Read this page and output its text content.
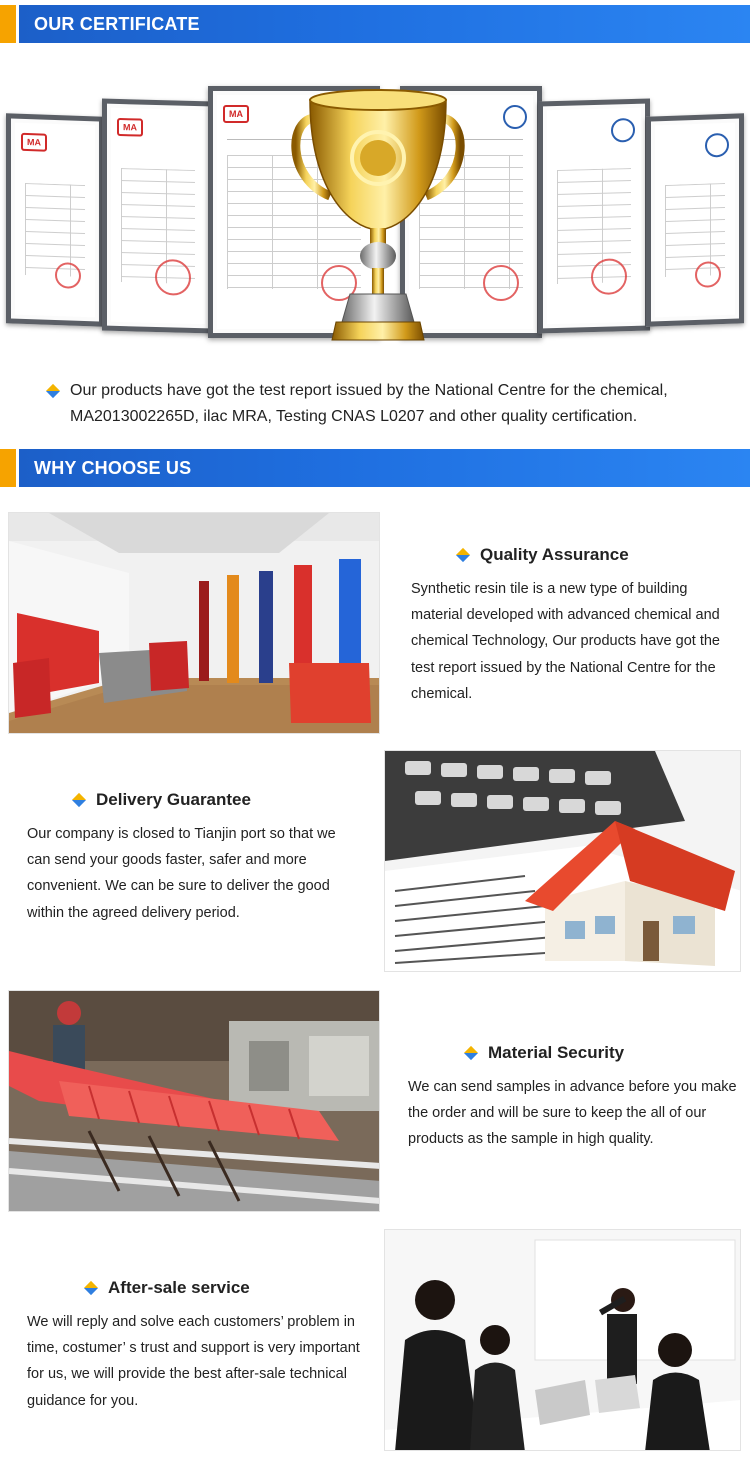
OUR CERTIFICATE
MA
MA
MA

Our products have got the test report issued by the National Centre for the chemical, MA2013002265D, ilac MRA, Testing CNAS L0207 and other quality certification.

WHY CHOOSE US
Quality Assurance
Synthetic resin tile is a new type of building material developed with advanced chemical and chemical Technology, Our products have got the test report issued by the National Centre for the chemical.
Delivery Guarantee
Our company is closed to Tianjin port so that we can send your goods faster, safer and more convenient. We can be sure to deliver the good within the agreed delivery period.
Material Security
We can send samples in advance before you make the order and will be sure to keep the all of our products as the sample in high quality.
After-sale service
We will reply and solve each customers’ problem in time, costumer’ s trust and support is very important for us, we will provide the best after-sale technical guidance for you.
